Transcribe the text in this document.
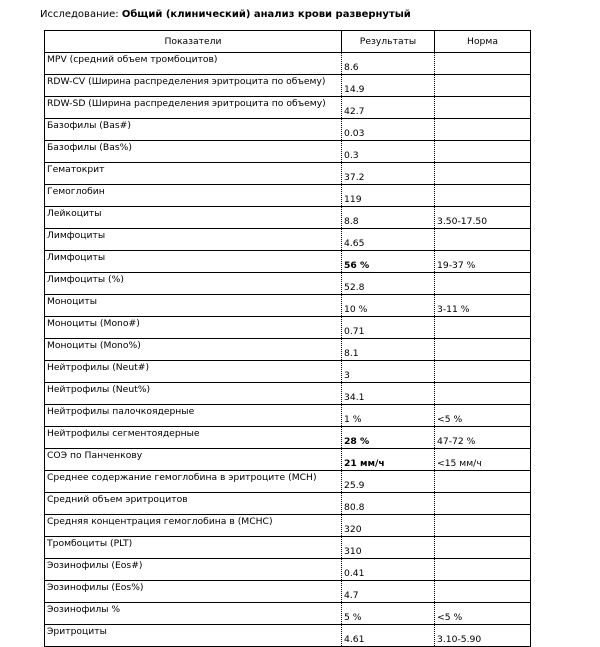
Исследование: Общий (клинический) анализ крови развернутый
Показатели	Результаты	Норма
MPV (средний объем тромбоцитов)	8.6	
RDW-CV (Ширина распределения эритроцита по объему)	14.9	
RDW-SD (Ширина распределения эритроцита по объему)	42.7	
Базофилы (Bas#)	0.03	
Базофилы (Bas%)	0.3	
Гематокрит	37.2	
Гемоглобин	119	
Лейкоциты	8.8	3.50-17.50
Лимфоциты	4.65	
Лимфоциты	56 %	19-37 %
Лимфоциты (%)	52.8	
Моноциты	10 %	3-11 %
Моноциты (Mono#)	0.71	
Моноциты (Mono%)	8.1	
Нейтрофилы (Neut#)	3	
Нейтрофилы (Neut%)	34.1	
Нейтрофилы палочкоядерные	1 %	<5 %
Нейтрофилы сегментоядерные	28 %	47-72 %
СОЭ по Панченкову	21 мм/ч	<15 мм/ч
Среднее содержание гемоглобина в эритроците (MCH)	25.9	
Средний объем эритроцитов	80.8	
Средняя концентрация гемоглобина в (MCHC)	320	
Тромбоциты (PLT)	310	
Эозинофилы (Eos#)	0.41	
Эозинофилы (Eos%)	4.7	
Эозинофилы %	5 %	<5 %
Эритроциты	4.61	3.10-5.90
